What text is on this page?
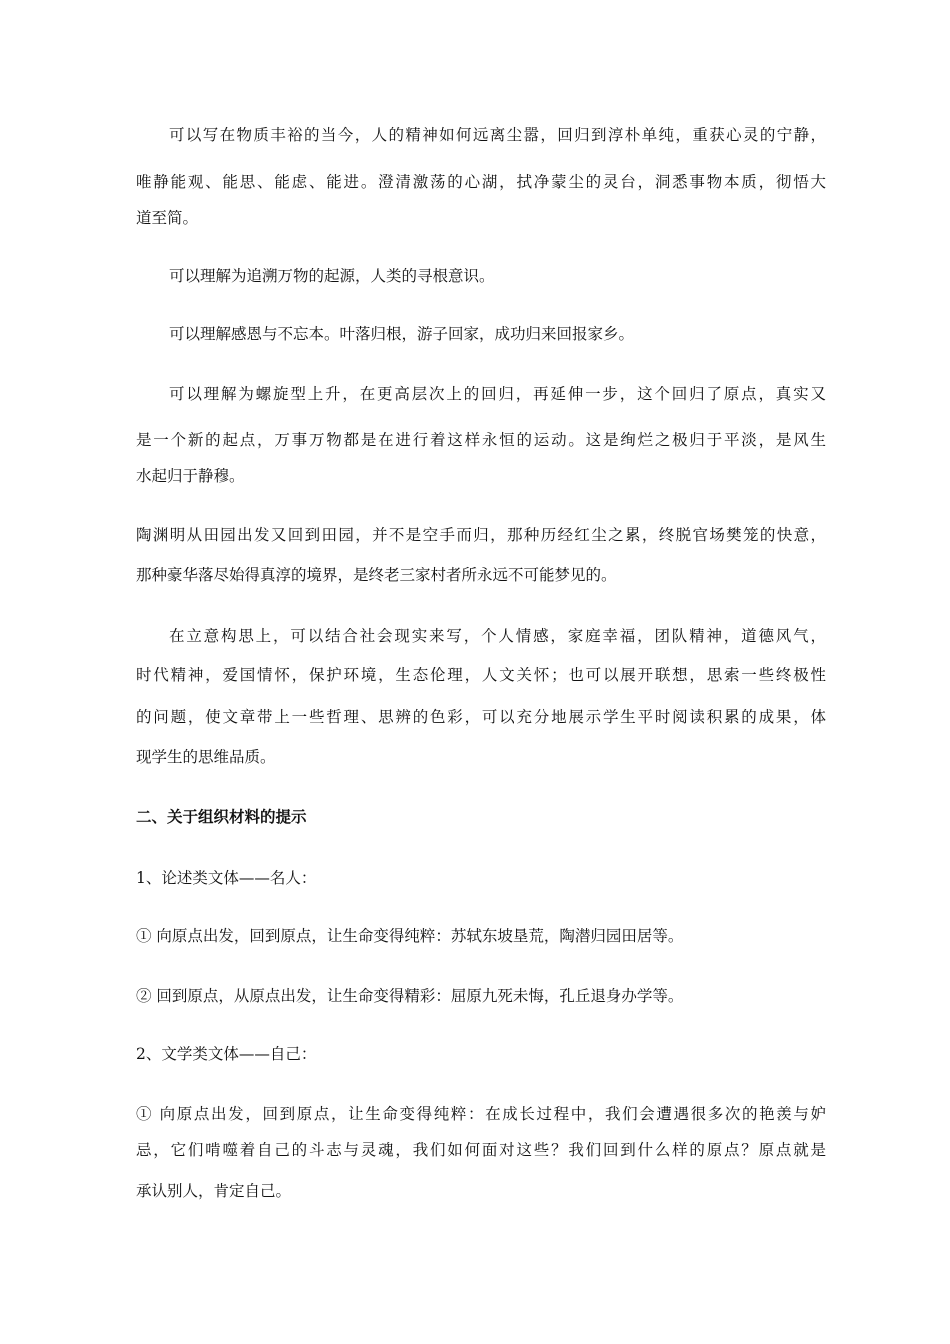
可以写在物质丰裕的当今，人的精神如何远离尘嚣，回归到淳朴单纯，重获心灵的宁静，
唯静能观、能思、能虑、能进。澄清激荡的心湖，拭净蒙尘的灵台，洞悉事物本质，彻悟大
道至简。
可以理解为追溯万物的起源，人类的寻根意识。
可以理解感恩与不忘本。叶落归根，游子回家，成功归来回报家乡。
可以理解为螺旋型上升，在更高层次上的回归，再延伸一步，这个回归了原点，真实又
是一个新的起点，万事万物都是在进行着这样永恒的运动。这是绚烂之极归于平淡，是风生
水起归于静穆。
陶渊明从田园出发又回到田园，并不是空手而归，那种历经红尘之累，终脱官场樊笼的快意，
那种豪华落尽始得真淳的境界，是终老三家村者所永远不可能梦见的。
在立意构思上，可以结合社会现实来写，个人情感，家庭幸福，团队精神，道德风气，
时代精神，爱国情怀，保护环境，生态伦理，人文关怀；也可以展开联想，思索一些终极性
的问题，使文章带上一些哲理、思辨的色彩，可以充分地展示学生平时阅读积累的成果，体
现学生的思维品质。
二、关于组织材料的提示
1、论述类文体——名人：
① 向原点出发，回到原点，让生命变得纯粹：苏轼东坡垦荒，陶潜归园田居等。
② 回到原点，从原点出发，让生命变得精彩：屈原九死未悔，孔丘退身办学等。
2、文学类文体——自己：
① 向原点出发，回到原点，让生命变得纯粹：在成长过程中，我们会遭遇很多次的艳羡与妒
忌，它们啃噬着自己的斗志与灵魂，我们如何面对这些？我们回到什么样的原点？原点就是
承认别人，肯定自己。
